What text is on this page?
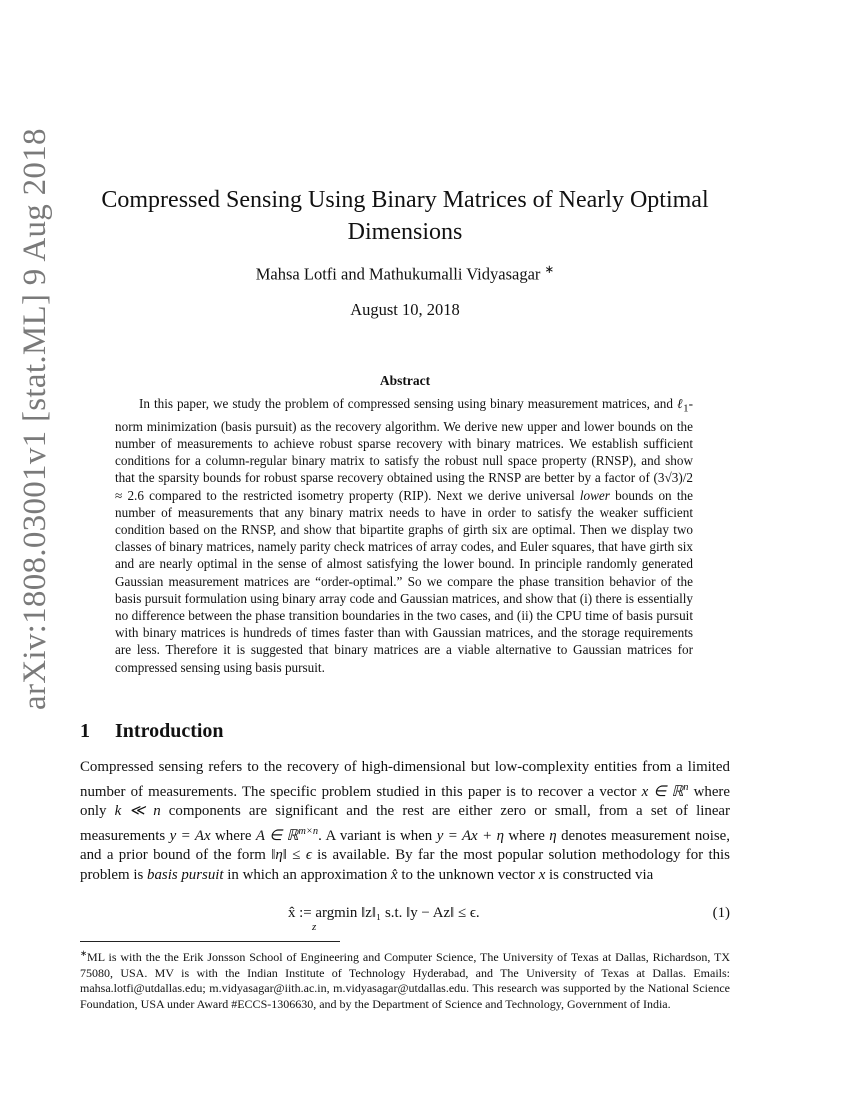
arXiv:1808.03001v1 [stat.ML] 9 Aug 2018 Compressed Sensing Using Binary Matrices of Nearly Optimal Dimensions
Mahsa Lotfi and Mathukumalli Vidyasagar ∗
August 10, 2018
Abstract

In this paper, we study the problem of compressed sensing using binary measurement matrices, and ℓ$_1$-norm minimization (basis pursuit) as the recovery algorithm. We derive new upper and lower bounds on the number of measurements to achieve robust sparse recovery with binary matrices. We establish sufficient conditions for a column-regular binary matrix to satisfy the robust null space property (RNSP), and show that the sparsity bounds for robust sparse recovery obtained using the RNSP are better by a factor of (3√3)/2 ≈ 2.6 compared to the restricted isometry property (RIP). Next we derive universal lower bounds on the number of measurements that any binary matrix needs to have in order to satisfy the weaker sufficient condition based on the RNSP, and show that bipartite graphs of girth six are optimal. Then we display two classes of binary matrices, namely parity check matrices of array codes, and Euler squares, that have girth six and are nearly optimal in the sense of almost satisfying the lower bound. In principle randomly generated Gaussian measurement matrices are “order-optimal.” So we compare the phase transition behavior of the basis pursuit formulation using binary array code and Gaussian matrices, and show that (i) there is essentially no difference between the phase transition boundaries in the two cases, and (ii) the CPU time of basis pursuit with binary matrices is hundreds of times faster than with Gaussian matrices, and the storage requirements are less. Therefore it is suggested that binary matrices are a viable alternative to Gaussian matrices for compressed sensing using basis pursuit.

1 Introduction

Compressed sensing refers to the recovery of high-dimensional but low-complexity entities from a limited number of measurements. The specific problem studied in this paper is to recover a vector x ∈ ℝ$^n$ where only k ≪ n components are significant and the rest are either zero or small, from a set of linear measurements y = Ax where A ∈ ℝ$^{m\times n}$. A variant is when y = Ax + η where η denotes measurement noise, and a prior bound of the form ‖η‖ ≤ ϵ is available. By far the most popular solution methodology for this problem is basis pursuit in which an approximation x̂ to the unknown vector x is constructed via

x̂ := argmin ‖z‖₁ s.t. ‖y − Az‖ ≤ ϵ.
z
(1)

∗ML is with the the Erik Jonsson School of Engineering and Computer Science, The University of Texas at Dallas, Richardson, TX 75080, USA. MV is with the Indian Institute of Technology Hyderabad, and The University of Texas at Dallas. Emails: mahsa.lotfi@utdallas.edu; m.vidyasagar@iith.ac.in, m.vidyasagar@utdallas.edu. This research was supported by the National Science Foundation, USA under Award #ECCS-1306630, and by the Department of Science and Technology, Government of India.
